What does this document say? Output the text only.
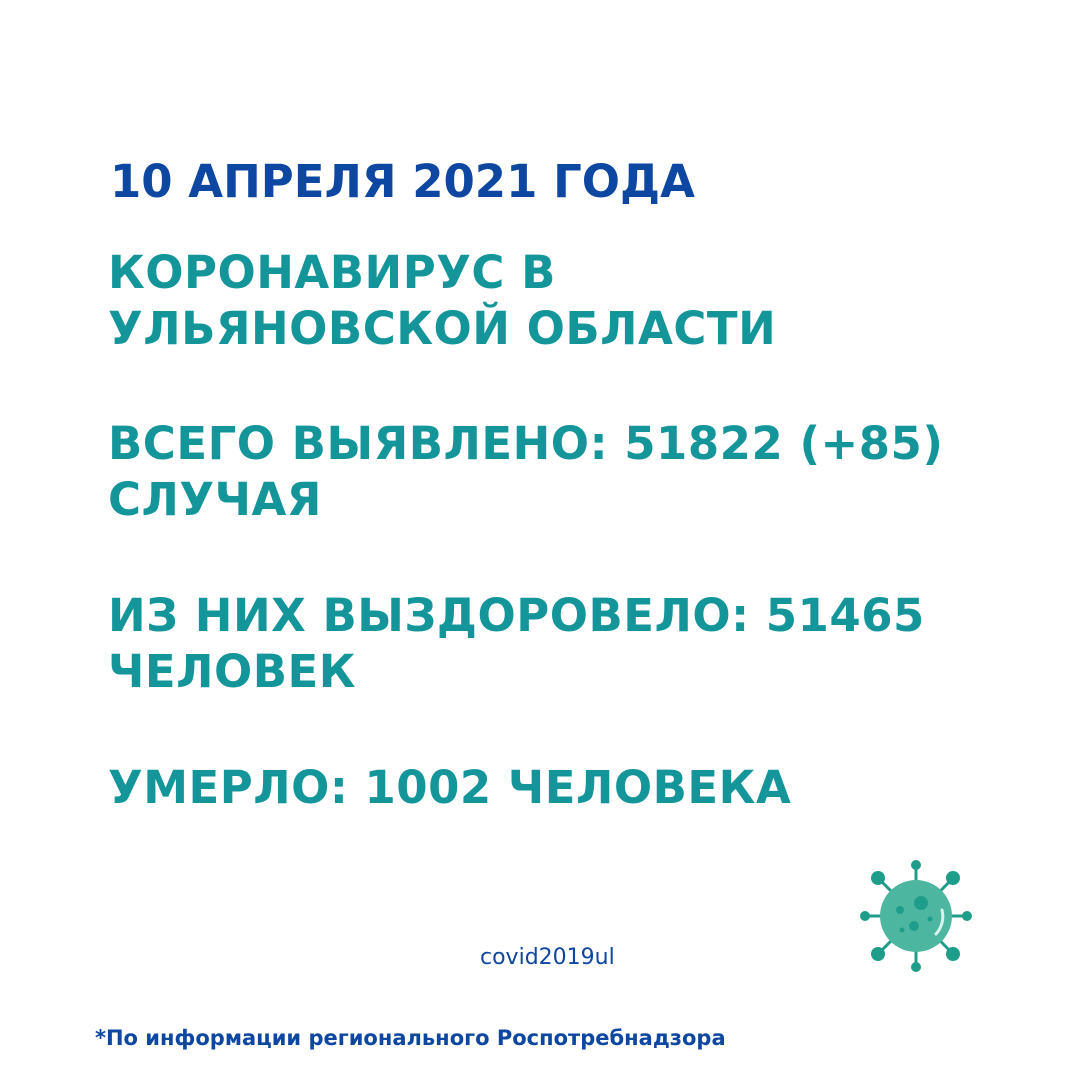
10 АПРЕЛЯ 2021 ГОДА
КОРОНАВИРУС В
УЛЬЯНОВСКОЙ ОБЛАСТИ
ВСЕГО ВЫЯВЛЕНО: 51822 (+85)
СЛУЧАЯ
ИЗ НИХ ВЫЗДОРОВЕЛО: 51465
ЧЕЛОВЕК
УМЕРЛО: 1002 ЧЕЛОВЕКА
covid2019ul
*По информации регионального Роспотребнадзора
